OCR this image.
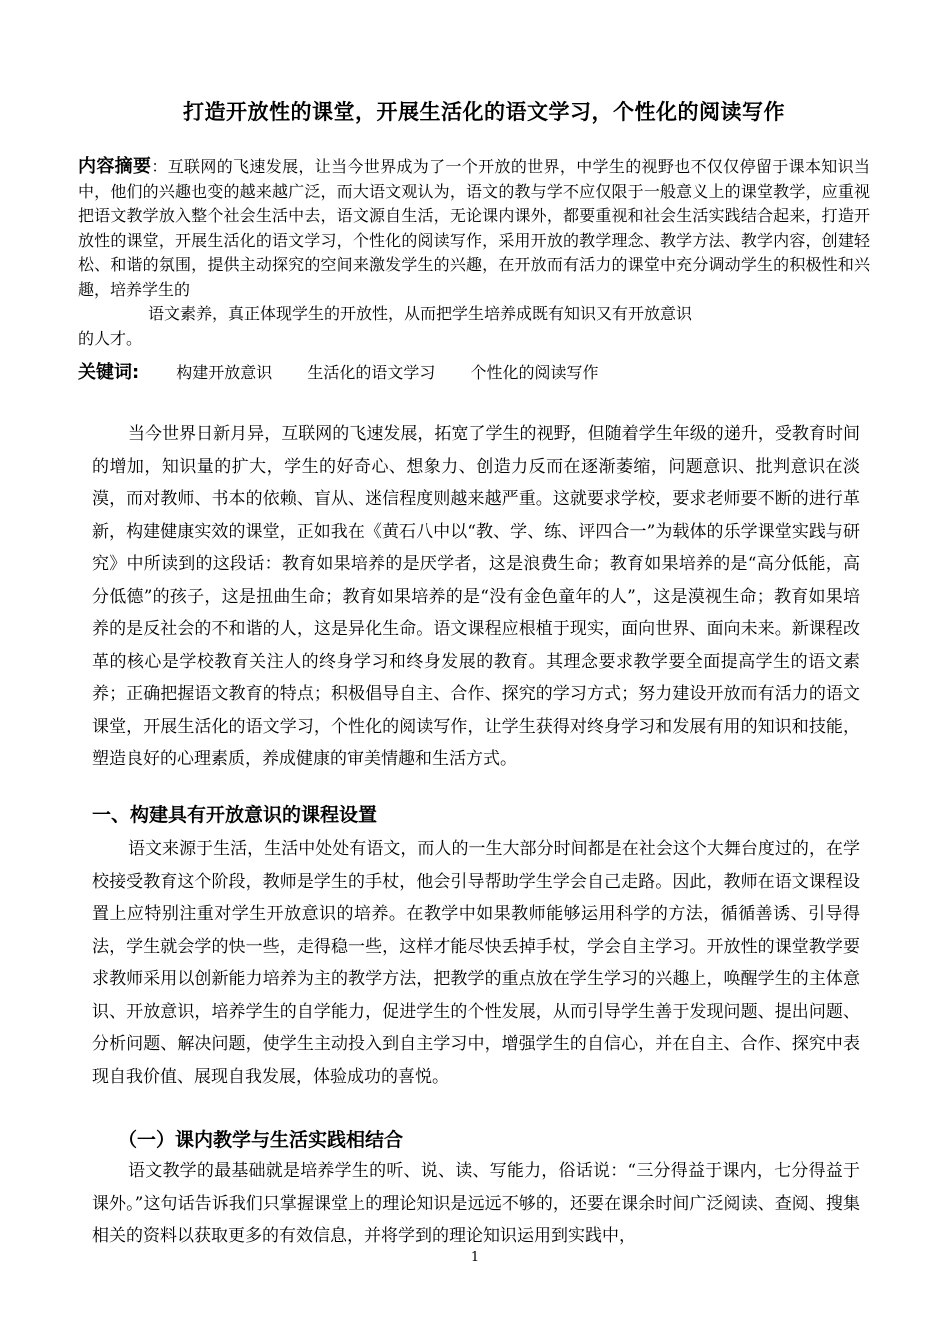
打造开放性的课堂，开展生活化的语文学习，个性化的阅读写作
内容摘要：互联网的飞速发展，让当今世界成为了一个开放的世界，中学生的视野也不仅仅停留于课本知识当中，他们的兴趣也变的越来越广泛，而大语文观认为，语文的教与学不应仅限于一般意义上的课堂教学，应重视把语文教学放入整个社会生活中去，语文源自生活，无论课内课外，都要重视和社会生活实践结合起来，打造开放性的课堂，开展生活化的语文学习，个性化的阅读写作，采用开放的教学理念、教学方法、教学内容，创建轻松、和谐的氛围，提供主动探究的空间来激发学生的兴趣，在开放而有活力的课堂中充分调动学生的积极性和兴趣，培养学生的
语文素养，真正体现学生的开放性，从而把学生培养成既有知识又有开放意识
的人才。
关键词: 构建开放意识 生活化的语文学习 个性化的阅读写作
当今世界日新月异，互联网的飞速发展，拓宽了学生的视野，但随着学生年级的递升，受教育时间的增加，知识量的扩大，学生的好奇心、想象力、创造力反而在逐渐萎缩，问题意识、批判意识在淡漠，而对教师、书本的依赖、盲从、迷信程度则越来越严重。这就要求学校，要求老师要不断的进行革新，构建健康实效的课堂，正如我在《黄石八中以“教、学、练、评四合一”为载体的乐学课堂实践与研究》中所读到的这段话：教育如果培养的是厌学者，这是浪费生命；教育如果培养的是“高分低能，高分低德”的孩子，这是扭曲生命；教育如果培养的是“没有金色童年的人”，这是漠视生命；教育如果培养的是反社会的不和谐的人，这是异化生命。语文课程应根植于现实，面向世界、面向未来。新课程改革的核心是学校教育关注人的终身学习和终身发展的教育。其理念要求教学要全面提高学生的语文素养；正确把握语文教育的特点；积极倡导自主、合作、探究的学习方式；努力建设开放而有活力的语文课堂，开展生活化的语文学习，个性化的阅读写作，让学生获得对终身学习和发展有用的知识和技能，塑造良好的心理素质，养成健康的审美情趣和生活方式。
一、构建具有开放意识的课程设置
语文来源于生活，生活中处处有语文，而人的一生大部分时间都是在社会这个大舞台度过的，在学校接受教育这个阶段，教师是学生的手杖，他会引导帮助学生学会自己走路。因此，教师在语文课程设置上应特别注重对学生开放意识的培养。在教学中如果教师能够运用科学的方法，循循善诱、引导得法，学生就会学的快一些，走得稳一些，这样才能尽快丢掉手杖，学会自主学习。开放性的课堂教学要求教师采用以创新能力培养为主的教学方法，把教学的重点放在学生学习的兴趣上，唤醒学生的主体意识、开放意识，培养学生的自学能力，促进学生的个性发展，从而引导学生善于发现问题、提出问题、分析问题、解决问题，使学生主动投入到自主学习中，增强学生的自信心，并在自主、合作、探究中表现自我价值、展现自我发展，体验成功的喜悦。
（一）课内教学与生活实践相结合
语文教学的最基础就是培养学生的听、说、读、写能力，俗话说：“三分得益于课内，七分得益于课外。”这句话告诉我们只掌握课堂上的理论知识是远远不够的，还要在课余时间广泛阅读、查阅、搜集相关的资料以获取更多的有效信息，并将学到的理论知识运用到实践中，
1
